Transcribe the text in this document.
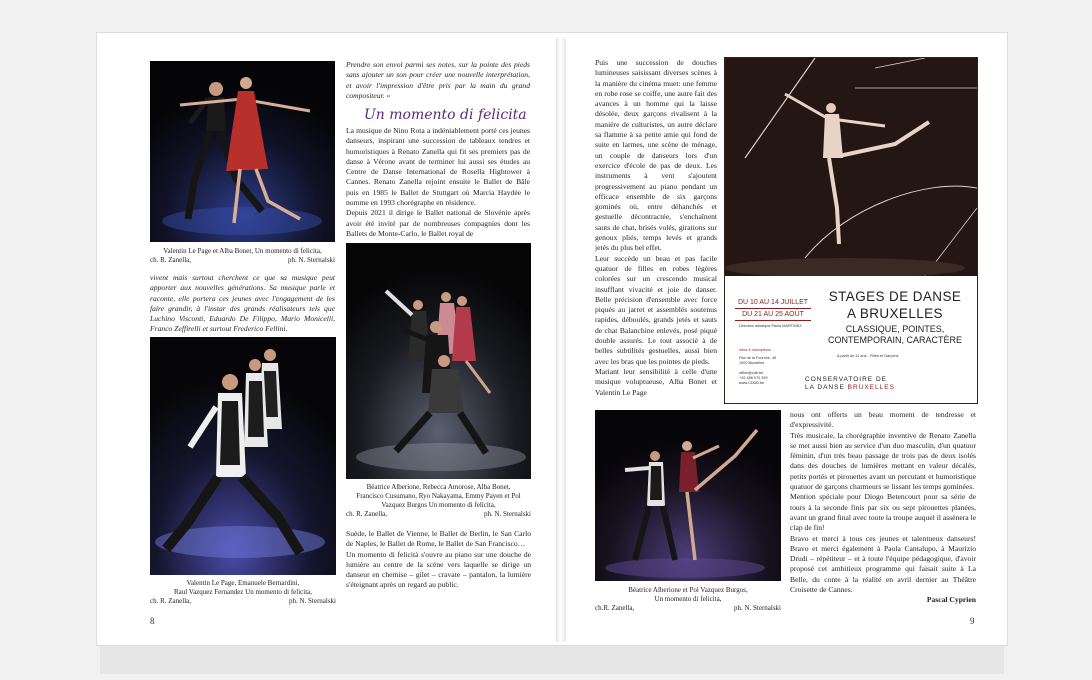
Valentin Le Page et Alba Bonet, Un momento di felicita,
ch. R. Zanella,	ph. N. Sternalski

vivent mais surtout cherchent ce que sa musique peut apporter aux nouvelles générations. Sa musique parle et raconte, elle portera ces jeunes avec l'engagement de les faire grandir, à l'instar des grands réalisateurs tels que Luchino Visconti, Eduardo De Filippo, Mario Monicelli, Franco Zeffirelli et surtout Frederico Fellini.

Valentin Le Page, Emanuele Bernardini,
Raul Vazquez Fernandez Un momento di felicita,
ch. R. Zanella,	ph. N. Sternalski

Prendre son envol parmi ses notes, sur la pointe des pieds sans ajouter un son pour créer une nouvelle interprétation, et avoir l'impression d'être pris par la main du grand compositeur. »

Un momento di felicita

La musique de Nino Rota a indéniablement porté ces jeunes danseurs, inspirant une succession de tableaux tendres et humoristiques à Renato Zanella qui fit ses premiers pas de danse à Vérone avant de terminer lui aussi ses études au Centre de Danse International de Rosella Hightower à Cannes. Renato Zanella rejoint ensuite le Ballet de Bâle puis en 1985 le Ballet de Stuttgart où Marcia Haydée le nomme en 1993 chorégraphe en résidence.

Depuis 2021 il dirige le Ballet national de Slovénie après avoir été invité par de nombreuses compagnies dont les Ballets de Monte-Carlo, le Ballet royal de

Béatrice Alberione, Rebecca Amorose, Alba Bonet,
Francisco Cusumano, Ryo Nakayama, Emmy Payen et Pol
Vazquez Burgos Un momento di felicita,
ch. R. Zanella,	ph. N. Sternalski

Suède, le Ballet de Vienne, le Ballet de Berlin, le San Carlo de Naples, le Ballet de Rome, le Ballet de San Francisco…

Un momento di felicità s'ouvre au piano sur une douche de lumière au centre de la scène vers laquelle se dirige un danseur en chemise – gilet – cravate – pantalon, la lumière s'éteignant après un regard au public.

8

Puis une succession de douches lumineuses saisissant diverses scènes à la manière du cinéma muet: une femme en robe rose se coiffe, une autre fait des avances à un homme qui la laisse désolée, deux garçons rivalisent à la manière de culturistes, un autre déclare sa flamme à sa petite amie qui fond de suite en larmes, une scène de ménage, un couple de danseurs lors d'un exercice d'école de pas de deux. Les instruments à vent s'ajoutent progressivement au piano pendant un efficace ensemble de six garçons gominés où, entre déhanchés et gestuelle décontractée, s'enchaînent sauts de chat, brisés volés, girations sur genoux pliés, temps levés et grands jetés du plus bel effet.

Leur succède un beau et pas facile quatuor de filles en robes légères colorées sur un crescendo musical insufflant vivacité et joie de danser. Belle précision d'ensemble avec force piqués au jarret et assemblés soutenus rapides, déboulés, grands jetés et sauts de chat Balanchine enlevés, posé piqué double assurés. Le tout associé à de belles subtilités gestuelles, aussi bien avec les bras que les pointes de pieds.

Mariant leur sensibilité à celle d'une musique voluptueuse, Alba Bonet et Valentin Le Page

DU 10 AU 14 JUILLET
DU 21 AU 25 AOÛT
STAGES DE DANSE
A BRUXELLES
CLASSIQUE, POINTES,
CONTEMPORAIN, CARACTÈRE
Direction artistique Paola MARTINEZ
A partir de 11 ans - Filles et Garçons
Infos & inscriptions
Pas de la Fourche, 49
1000 Bruxelles
office@cdb.be
+32 486 070 399
www.CDDB.be	CONSERVATOIRE DE
LA DANSE BRUXELLES
Béatrice Alberione et Pol Vazquez Burgos,
Un momento di felicita,
ch.R. Zanella,	ph. N. Sternalski

nous ont offerts un beau moment de tendresse et d'expressivité.

Très musicale, la chorégraphie inventive de Renato Zanella se met aussi bien au service d'un duo masculin, d'un quatuor féminin, d'un très beau passage de trois pas de deux isolés dans des douches de lumières mettant en valeur décalés, petits portés et pirouettes avant un percutant et humoristique quatuor de garçons charmeurs se lissant les temps gominées.

Mention spéciale pour Diogo Betencourt pour sa série de tours à la seconde finis par six ou sept pirouettes planées, avant un grand final avec toute la troupe auquel il assènera le clap de fin!

Bravo et merci à tous ces jeunes et talentueux danseurs! Bravo et merci également à Paola Cantalupo, à Maurizio Drudi – répétiteur – et à toute l'équipe pédagogique, d'avoir proposé cet ambitieux programme qui faisait suite à La Belle, du conte à la réalité en avril dernier au Théâtre Croisette de Cannes.

Pascal Cyprien
9
